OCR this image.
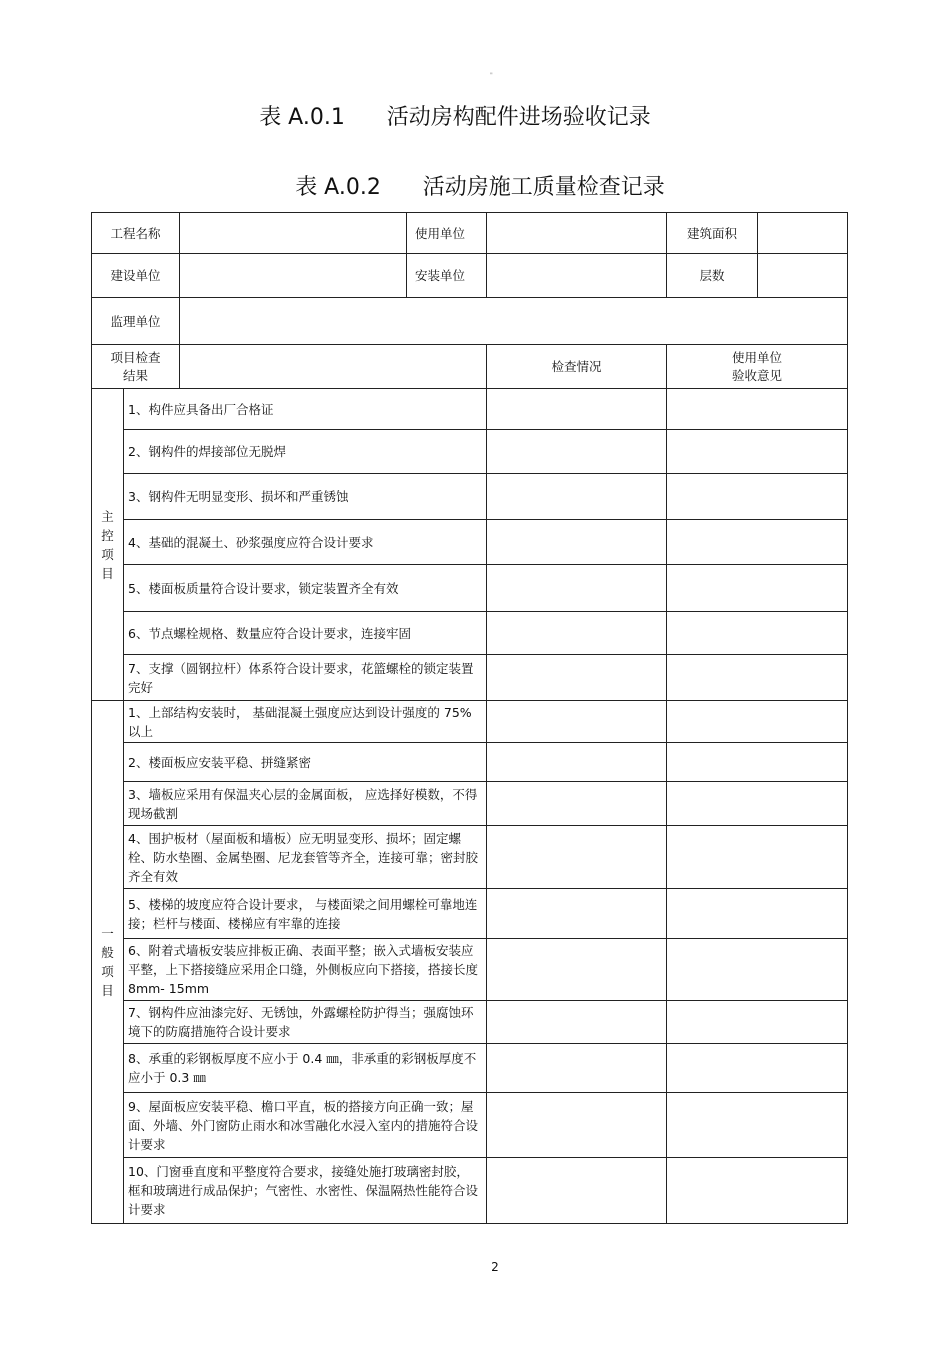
"
表 A.0.1      活动房构配件进场验收记录
表 A.0.2      活动房施工质量检查记录
工程名称			使用单位		建筑面积	
建设单位			安装单位		层数	
监理单位						
项目检查
结果				检查情况	使用单位
验收意见	
主控项目	1、构件应具备出厂合格证					
	2、钢构件的焊接部位无脱焊					
	3、钢构件无明显变形、损坏和严重锈蚀					
	4、基础的混凝土、砂浆强度应符合设计要求					
	5、楼面板质量符合设计要求，锁定装置齐全有效					
	6、节点螺栓规格、数量应符合设计要求，连接牢固					
	7、支撑（圆钢拉杆）体系符合设计要求，花篮螺栓的锁定装置完好					
一般项目	1、上部结构安装时， 基础混凝土强度应达到设计强度的 75%以上					
	2、楼面板应安装平稳、拼缝紧密					
	3、墙板应采用有保温夹心层的金属面板， 应选择好模数，不得现场截割					
	4、围护板材（屋面板和墙板）应无明显变形、损坏；固定螺栓、防水垫圈、金属垫圈、尼龙套管等齐全，连接可靠；密封胶齐全有效					
	5、楼梯的坡度应符合设计要求， 与楼面梁之间用螺栓可靠地连接；栏杆与楼面、楼梯应有牢靠的连接					
	6、附着式墙板安装应排板正确、表面平整；嵌入式墙板安装应平整，上下搭接缝应采用企口缝，外侧板应向下搭接，搭接长度 8mm- 15mm					
	7、钢构件应油漆完好、无锈蚀，外露螺栓防护得当；强腐蚀环境下的防腐措施符合设计要求					
	8、承重的彩钢板厚度不应小于 0.4 ㎜，非承重的彩钢板厚度不应小于 0.3 ㎜					
	9、屋面板应安装平稳、檐口平直，板的搭接方向正确一致；屋面、外墙、外门窗防止雨水和冰雪融化水浸入室内的措施符合设计要求					
	10、门窗垂直度和平整度符合要求，接缝处施打玻璃密封胶，框和玻璃进行成品保护；气密性、水密性、保温隔热性能符合设计要求					
2
